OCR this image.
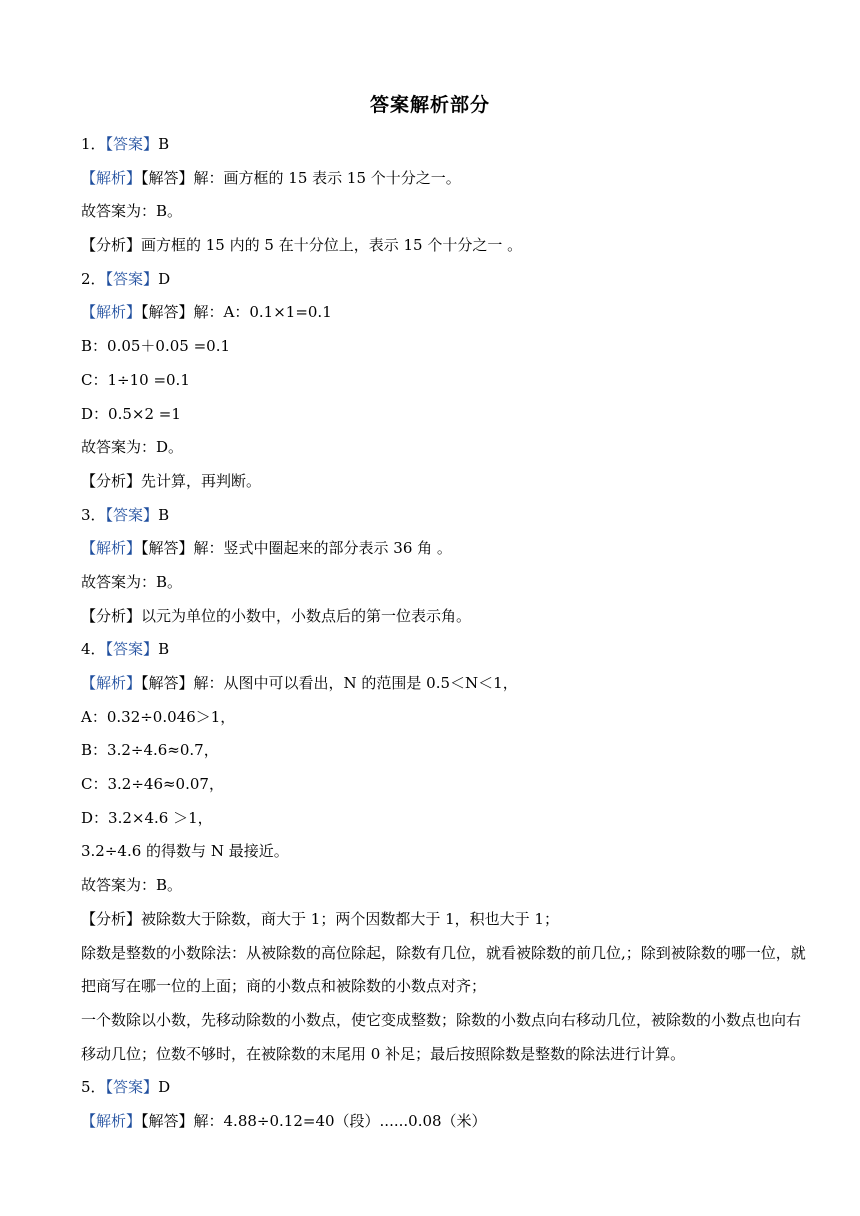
答案解析部分
1．【答案】B
【解析】【解答】解：画方框的 15 表示 15 个十分之一。
故答案为：B。
【分析】画方框的 15 内的 5 在十分位上，表示 15 个十分之一 。
2．【答案】D
【解析】【解答】解：A：0.1×1=0.1
B：0.05＋0.05 =0.1
C：1÷10 =0.1
D：0.5×2 =1
故答案为：D。
【分析】先计算，再判断。
3．【答案】B
【解析】【解答】解：竖式中圈起来的部分表示 36 角 。
故答案为：B。
【分析】以元为单位的小数中，小数点后的第一位表示角。
4．【答案】B
【解析】【解答】解：从图中可以看出，N 的范围是 0.5＜N＜1，
A：0.32÷0.046＞1，
B：3.2÷4.6≈0.7，
C：3.2÷46≈0.07，
D：3.2×4.6 ＞1，
3.2÷4.6 的得数与 N 最接近。
故答案为：B。
【分析】被除数大于除数，商大于 1；两个因数都大于 1，积也大于 1；
除数是整数的小数除法：从被除数的高位除起，除数有几位，就看被除数的前几位,；除到被除数的哪一位，就把商写在哪一位的上面；商的小数点和被除数的小数点对齐；
一个数除以小数，先移动除数的小数点，使它变成整数；除数的小数点向右移动几位，被除数的小数点也向右移动几位；位数不够时，在被除数的末尾用 0 补足；最后按照除数是整数的除法进行计算。
5．【答案】D
【解析】【解答】解：4.88÷0.12=40（段）......0.08（米）
